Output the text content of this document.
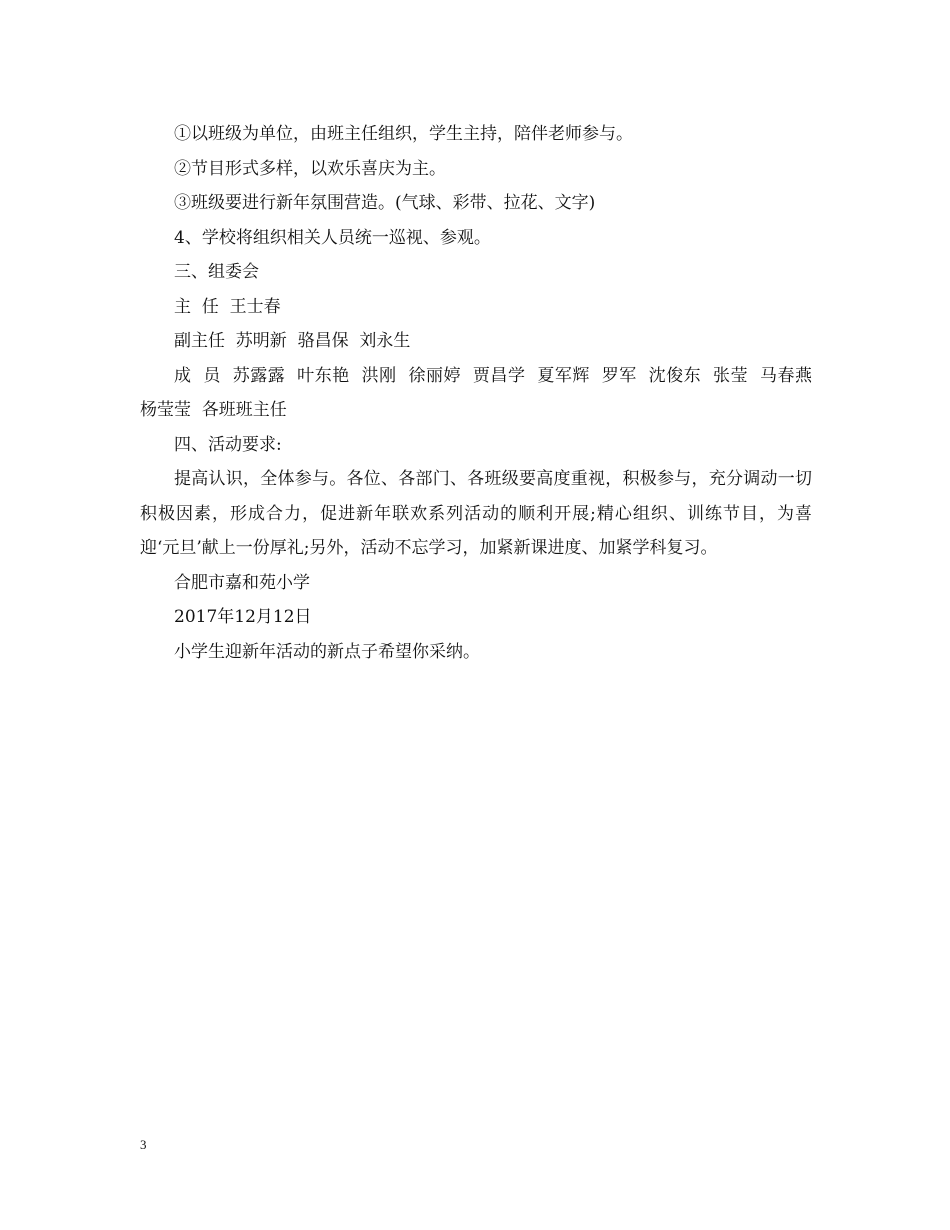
①以班级为单位，由班主任组织，学生主持，陪伴老师参与。

②节目形式多样，以欢乐喜庆为主。

③班级要进行新年氛围营造。(气球、彩带、拉花、文字)

4、学校将组织相关人员统一巡视、参观。

三、组委会

主  任  王士春

副主任  苏明新  骆昌保  刘永生

成  员  苏露露  叶东艳  洪刚  徐丽婷  贾昌学  夏军辉  罗军  沈俊东  张莹  马春燕  杨莹莹  各班班主任

四、活动要求:

提高认识，全体参与。各位、各部门、各班级要高度重视，积极参与，充分调动一切积极因素，形成合力，促进新年联欢系列活动的顺利开展;精心组织、训练节目，为喜迎‘元旦’献上一份厚礼;另外，活动不忘学习，加紧新课进度、加紧学科复习。

合肥市嘉和苑小学

2017年12月12日

小学生迎新年活动的新点子希望你采纳。

3
